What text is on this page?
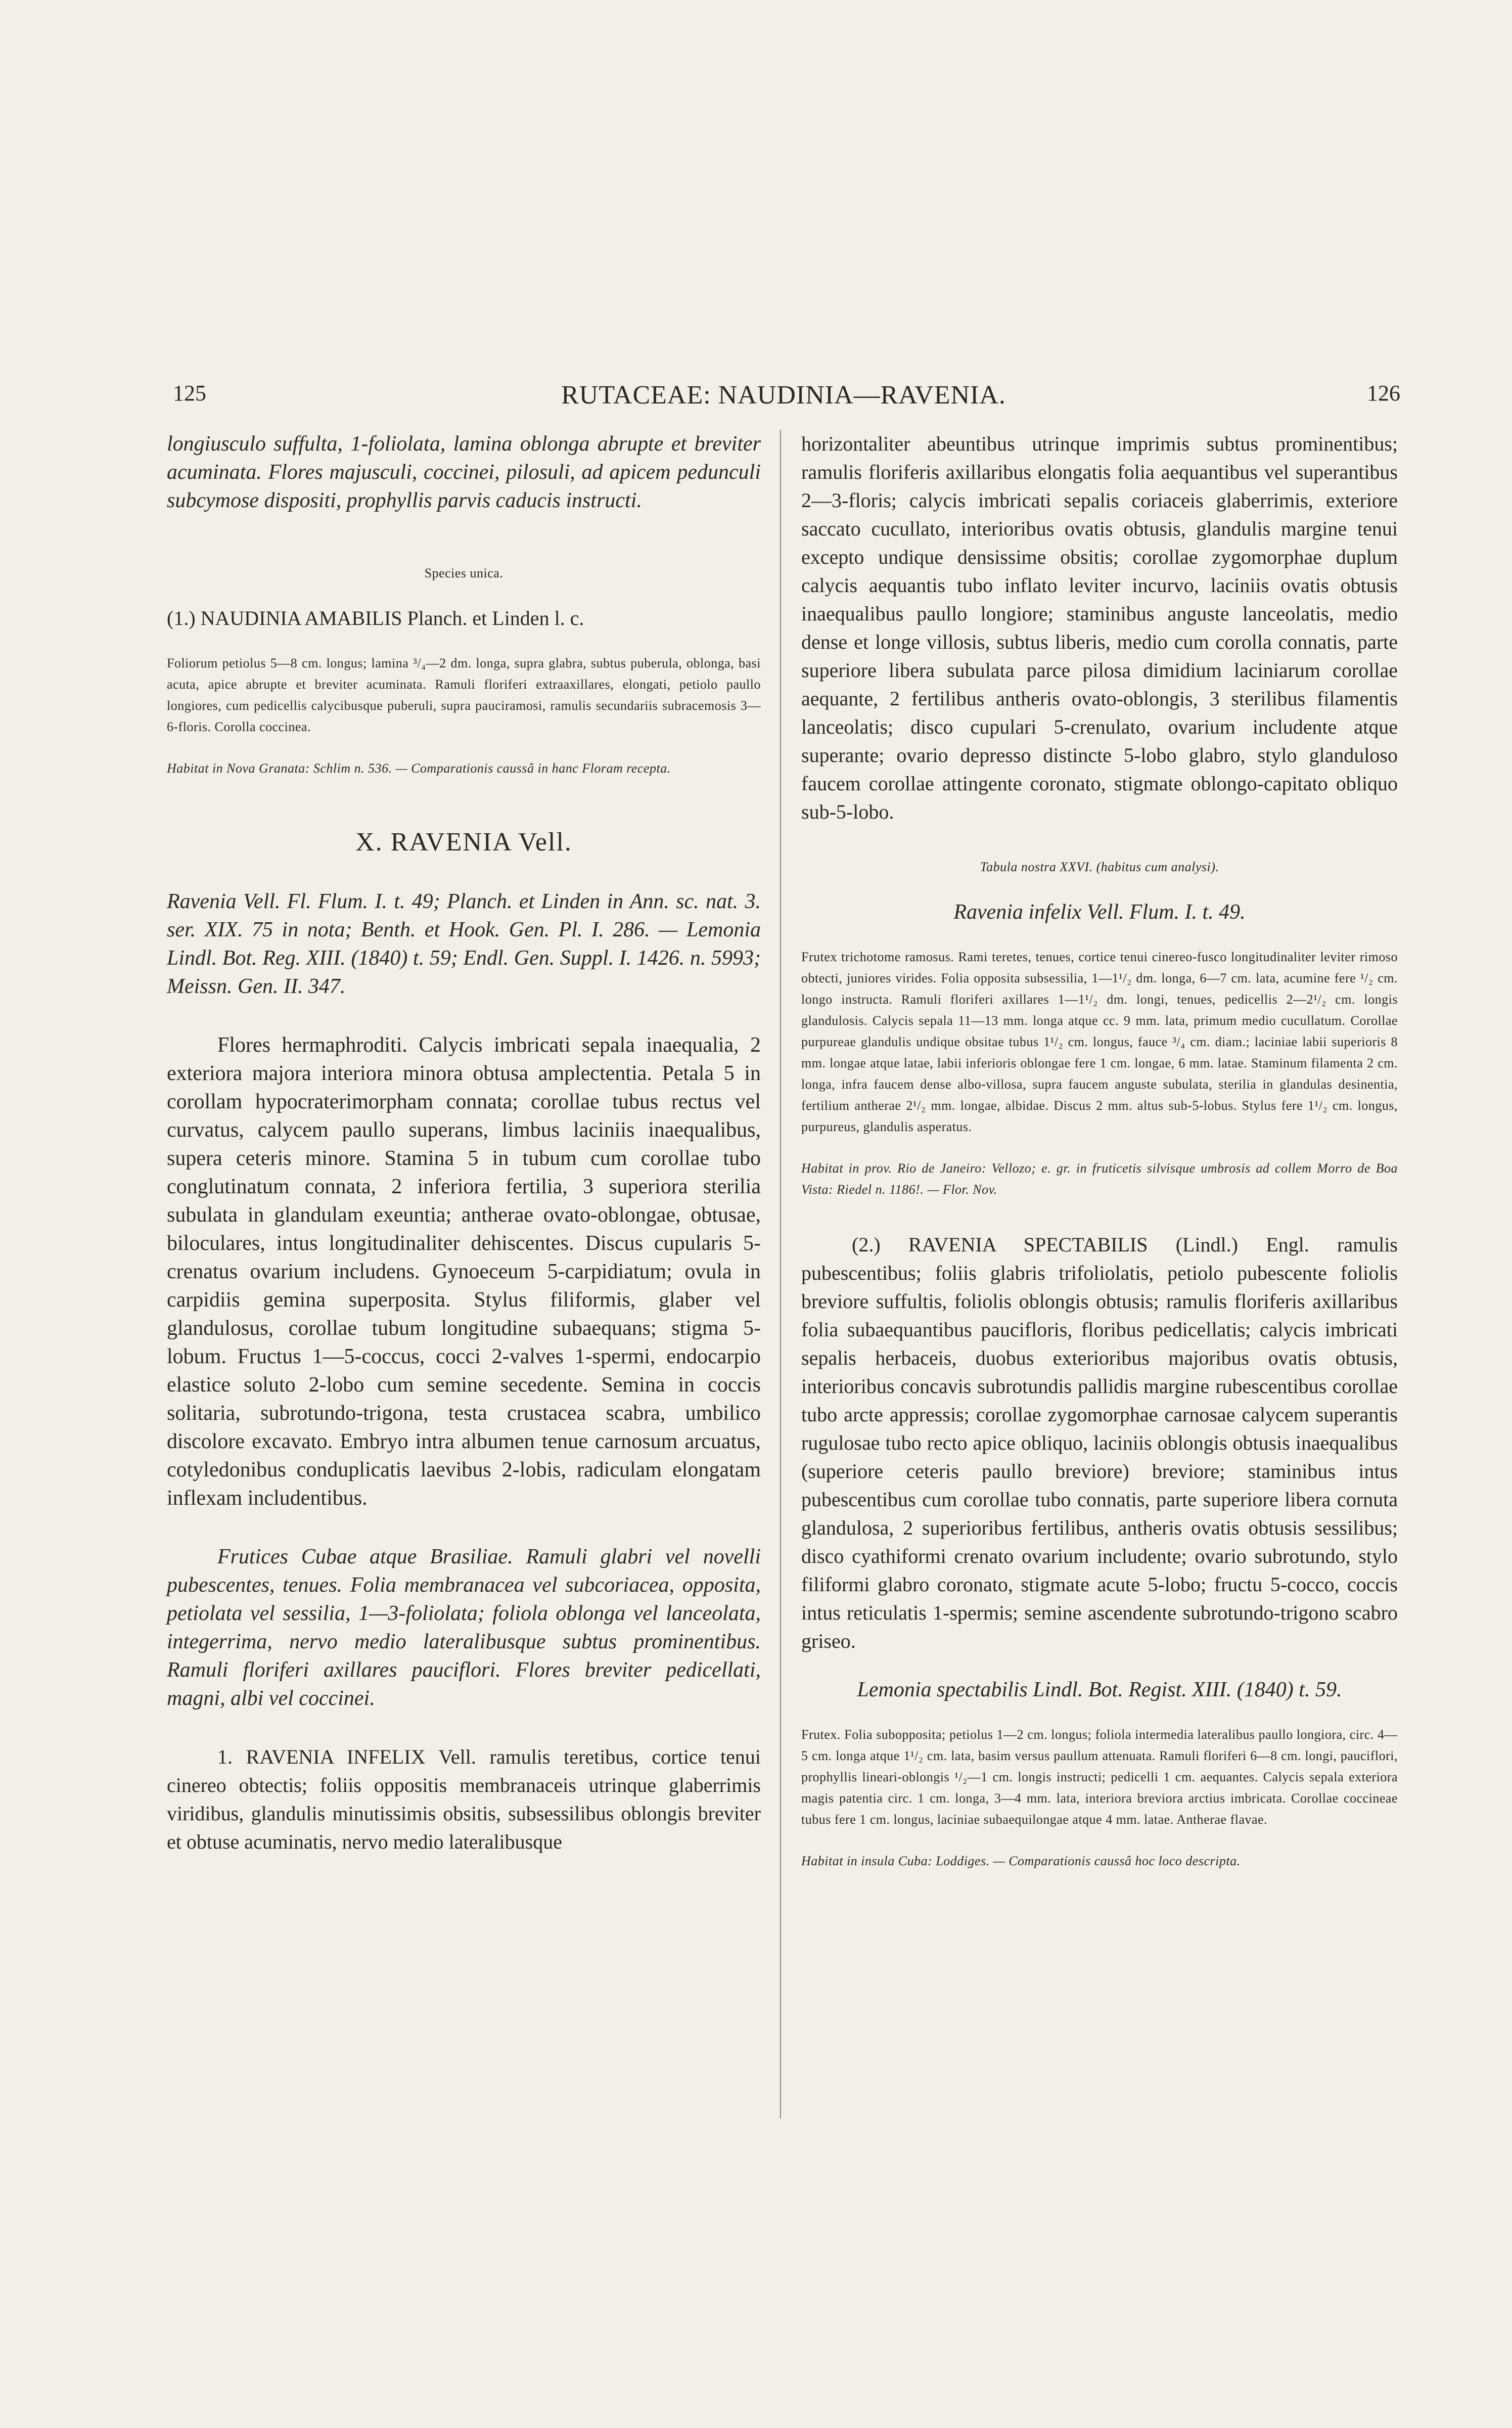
125	RUTACEAE: NAUDINIA—RAVENIA.	126

longiusculo suffulta, 1-foliolata, lamina oblonga abrupte et breviter acuminata. Flores majusculi, coccinei, pilosuli, ad apicem pedunculi subcymose dispositi, prophyllis parvis caducis instructi.

Species unica.

(1.) NAUDINIA AMABILIS Planch. et Linden l. c.

Foliorum petiolus 5—8 cm. longus; lamina ³/₄—2 dm. longa, supra glabra, subtus puberula, oblonga, basi acuta, apice abrupte et breviter acuminata. Ramuli floriferi extraaxillares, elongati, petiolo paullo longiores, cum pedicellis calycibusque puberuli, supra pauciramosi, ramulis secundariis subracemosis 3—6-floris. Corolla coccinea.

Habitat in Nova Granata: Schlim n. 536. — Comparationis caussâ in hanc Floram recepta.

X. RAVENIA Vell.

Ravenia Vell. Fl. Flum. I. t. 49; Planch. et Linden in Ann. sc. nat. 3. ser. XIX. 75 in nota; Benth. et Hook. Gen. Pl. I. 286. — Lemonia Lindl. Bot. Reg. XIII. (1840) t. 59; Endl. Gen. Suppl. I. 1426. n. 5993; Meissn. Gen. II. 347.

Flores hermaphroditi. Calycis imbricati sepala inaequalia, 2 exteriora majora interiora minora obtusa amplectentia. Petala 5 in corollam hypocraterimorpham connata; corollae tubus rectus vel curvatus, calycem paullo superans, limbus laciniis inaequalibus, supera ceteris minore. Stamina 5 in tubum cum corollae tubo conglutinatum connata, 2 inferiora fertilia, 3 superiora sterilia subulata in glandulam exeuntia; antherae ovato-oblongae, obtusae, biloculares, intus longitudinaliter dehiscentes. Discus cupularis 5-crenatus ovarium includens. Gynoeceum 5-carpidiatum; ovula in carpidiis gemina superposita. Stylus filiformis, glaber vel glandulosus, corollae tubum longitudine subaequans; stigma 5-lobum. Fructus 1—5-coccus, cocci 2-valves 1-spermi, endocarpio elastice soluto 2-lobo cum semine secedente. Semina in coccis solitaria, subrotundo-trigona, testa crustacea scabra, umbilico discolore excavato. Embryo intra albumen tenue carnosum arcuatus, cotyledonibus conduplicatis laevibus 2-lobis, radiculam elongatam inflexam includentibus.

Frutices Cubae atque Brasiliae. Ramuli glabri vel novelli pubescentes, tenues. Folia membranacea vel subcoriacea, opposita, petiolata vel sessilia, 1—3-foliolata; foliola oblonga vel lanceolata, integerrima, nervo medio lateralibusque subtus prominentibus. Ramuli floriferi axillares pauciflori. Flores breviter pedicellati, magni, albi vel coccinei.

1. RAVENIA INFELIX Vell. ramulis teretibus, cortice tenui cinereo obtectis; foliis oppositis membranaceis utrinque glaberrimis viridibus, glandulis minutissimis obsitis, subsessilibus oblongis breviter et obtuse acuminatis, nervo medio lateralibusque

horizontaliter abeuntibus utrinque imprimis subtus prominentibus; ramulis floriferis axillaribus elongatis folia aequantibus vel superantibus 2—3-floris; calycis imbricati sepalis coriaceis glaberrimis, exteriore saccato cucullato, interioribus ovatis obtusis, glandulis margine tenui excepto undique densissime obsitis; corollae zygomorphae duplum calycis aequantis tubo inflato leviter incurvo, laciniis ovatis obtusis inaequalibus paullo longiore; staminibus anguste lanceolatis, medio dense et longe villosis, subtus liberis, medio cum corolla connatis, parte superiore libera subulata parce pilosa dimidium laciniarum corollae aequante, 2 fertilibus antheris ovato-oblongis, 3 sterilibus filamentis lanceolatis; disco cupulari 5-crenulato, ovarium includente atque superante; ovario depresso distincte 5-lobo glabro, stylo glanduloso faucem corollae attingente coronato, stigmate oblongo-capitato obliquo sub-5-lobo.

Tabula nostra XXVI. (habitus cum analysi).

Ravenia infelix Vell. Flum. I. t. 49.

Frutex trichotome ramosus. Rami teretes, tenues, cortice tenui cinereo-fusco longitudinaliter leviter rimoso obtecti, juniores virides. Folia opposita subsessilia, 1—1¹/₂ dm. longa, 6—7 cm. lata, acumine fere ¹/₂ cm. longo instructa. Ramuli floriferi axillares 1—1¹/₂ dm. longi, tenues, pedicellis 2—2¹/₂ cm. longis glandulosis. Calycis sepala 11—13 mm. longa atque cc. 9 mm. lata, primum medio cucullatum. Corollae purpureae glandulis undique obsitae tubus 1¹/₂ cm. longus, fauce ³/₄ cm. diam.; laciniae labii superioris 8 mm. longae atque latae, labii inferioris oblongae fere 1 cm. longae, 6 mm. latae. Staminum filamenta 2 cm. longa, infra faucem dense albo-villosa, supra faucem anguste subulata, sterilia in glandulas desinentia, fertilium antherae 2¹/₂ mm. longae, albidae. Discus 2 mm. altus sub-5-lobus. Stylus fere 1¹/₂ cm. longus, purpureus, glandulis asperatus.

Habitat in prov. Rio de Janeiro: Vellozo; e. gr. in fruticetis silvisque umbrosis ad collem Morro de Boa Vista: Riedel n. 1186!. — Flor. Nov.

(2.) RAVENIA SPECTABILIS (Lindl.) Engl. ramulis pubescentibus; foliis glabris trifoliolatis, petiolo pubescente foliolis breviore suffultis, foliolis oblongis obtusis; ramulis floriferis axillaribus folia subaequantibus paucifloris, floribus pedicellatis; calycis imbricati sepalis herbaceis, duobus exterioribus majoribus ovatis obtusis, interioribus concavis subrotundis pallidis margine rubescentibus corollae tubo arcte appressis; corollae zygomorphae carnosae calycem superantis rugulosae tubo recto apice obliquo, laciniis oblongis obtusis inaequalibus (superiore ceteris paullo breviore) breviore; staminibus intus pubescentibus cum corollae tubo connatis, parte superiore libera cornuta glandulosa, 2 superioribus fertilibus, antheris ovatis obtusis sessilibus; disco cyathiformi crenato ovarium includente; ovario subrotundo, stylo filiformi glabro coronato, stigmate acute 5-lobo; fructu 5-cocco, coccis intus reticulatis 1-spermis; semine ascendente subrotundo-trigono scabro griseo.

Lemonia spectabilis Lindl. Bot. Regist. XIII. (1840) t. 59.

Frutex. Folia subopposita; petiolus 1—2 cm. longus; foliola intermedia lateralibus paullo longiora, circ. 4—5 cm. longa atque 1¹/₂ cm. lata, basim versus paullum attenuata. Ramuli floriferi 6—8 cm. longi, pauciflori, prophyllis lineari-oblongis ¹/₂—1 cm. longis instructi; pedicelli 1 cm. aequantes. Calycis sepala exteriora magis patentia circ. 1 cm. longa, 3—4 mm. lata, interiora breviora arctius imbricata. Corollae coccineae tubus fere 1 cm. longus, laciniae subaequilongae atque 4 mm. latae. Antherae flavae.

Habitat in insula Cuba: Loddiges. — Comparationis caussâ hoc loco descripta.
